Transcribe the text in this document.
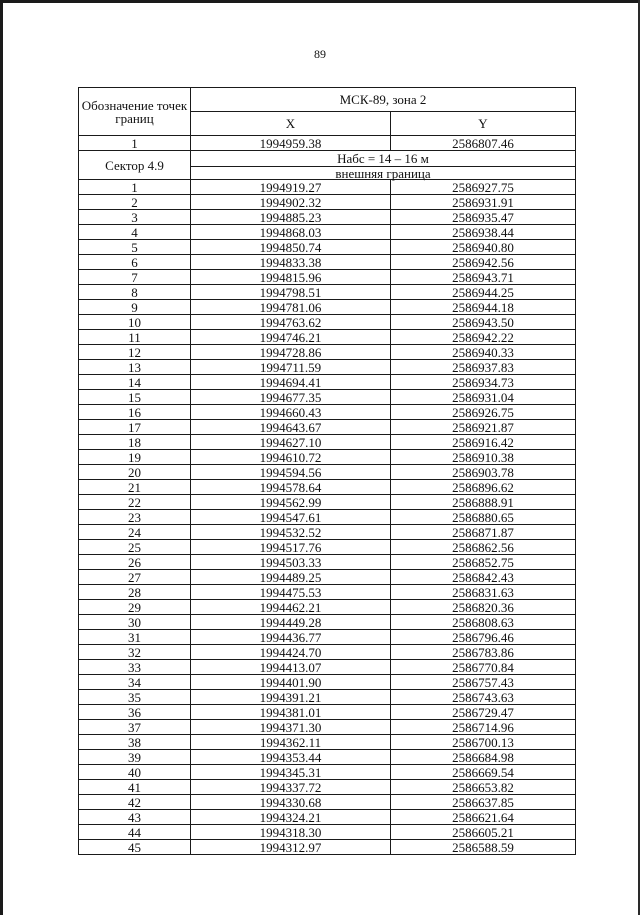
89
Обозначение точек границ	МСК-89, зона 2	
	X	Y
1	1994959.38	2586807.46
Сектор 4.9	Набс = 14 – 16 м	
	внешняя граница	
1	1994919.27	2586927.75
2	1994902.32	2586931.91
3	1994885.23	2586935.47
4	1994868.03	2586938.44
5	1994850.74	2586940.80
6	1994833.38	2586942.56
7	1994815.96	2586943.71
8	1994798.51	2586944.25
9	1994781.06	2586944.18
10	1994763.62	2586943.50
11	1994746.21	2586942.22
12	1994728.86	2586940.33
13	1994711.59	2586937.83
14	1994694.41	2586934.73
15	1994677.35	2586931.04
16	1994660.43	2586926.75
17	1994643.67	2586921.87
18	1994627.10	2586916.42
19	1994610.72	2586910.38
20	1994594.56	2586903.78
21	1994578.64	2586896.62
22	1994562.99	2586888.91
23	1994547.61	2586880.65
24	1994532.52	2586871.87
25	1994517.76	2586862.56
26	1994503.33	2586852.75
27	1994489.25	2586842.43
28	1994475.53	2586831.63
29	1994462.21	2586820.36
30	1994449.28	2586808.63
31	1994436.77	2586796.46
32	1994424.70	2586783.86
33	1994413.07	2586770.84
34	1994401.90	2586757.43
35	1994391.21	2586743.63
36	1994381.01	2586729.47
37	1994371.30	2586714.96
38	1994362.11	2586700.13
39	1994353.44	2586684.98
40	1994345.31	2586669.54
41	1994337.72	2586653.82
42	1994330.68	2586637.85
43	1994324.21	2586621.64
44	1994318.30	2586605.21
45	1994312.97	2586588.59
